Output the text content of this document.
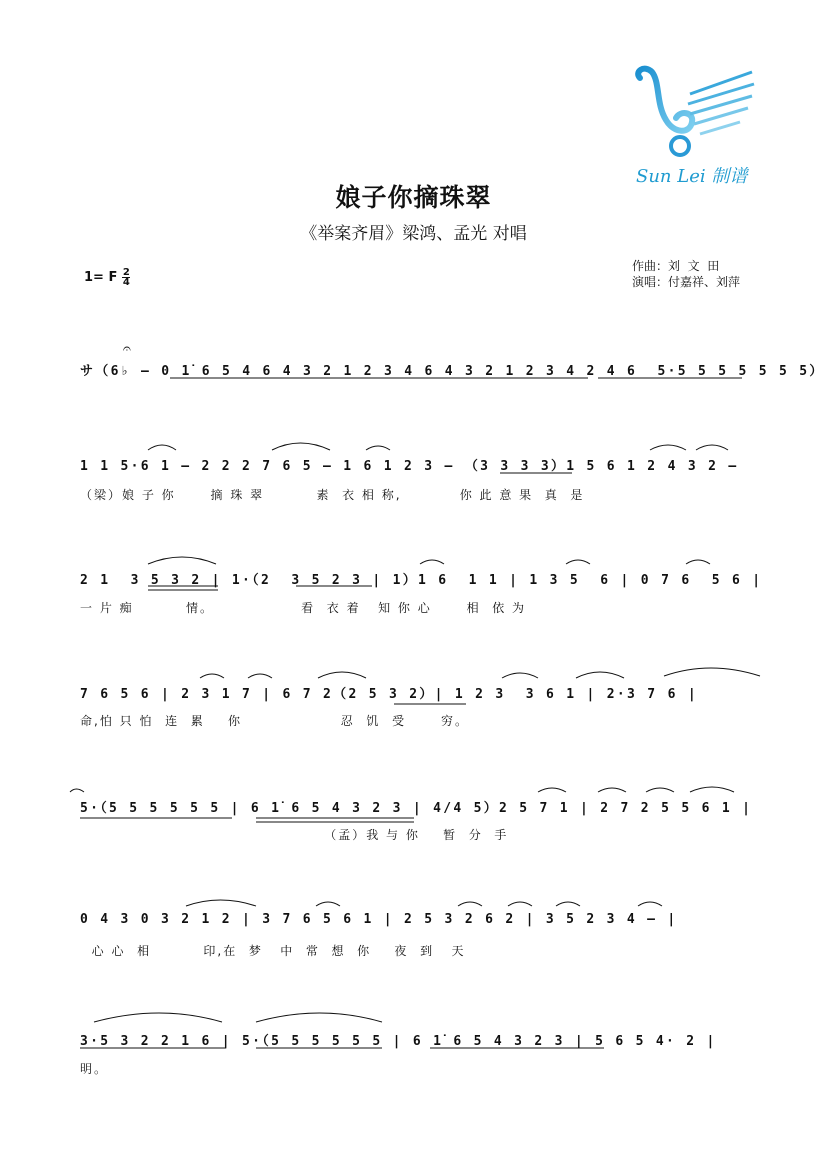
Sun Lei 制谱
娘子你摘珠翠
《举案齐眉》梁鸿、孟光 对唱
作曲：刘  文  田
演唱：付嘉祥、刘萍
1= F $\frac{2}{4}$
𝄐
サ（6♭ — 0 1̇ 6 5 4 6 4 3 2 1 2 3 4 6 4 3 2 1 2 3 4 2 4 6  5·5 5 5 5 5 5 5）
1 1 5·6 1 — 2 2 2 7 6 5 — 1 6 1 2 3 — （3 3 3 3）1 5 6 1 2 4 3 2 —
（梁）娘 子 你      摘 珠 翠         素  衣 相 称,          你 此 意 果  真  是
2 1  3 5 3 2 | 1·（2  3 5 2 3 | 1）1 6  1 1 | 1 3 5  6 | 0 7 6  5 6 |
一 片 痴         情。               看  衣 着   知 你 心      相  依 为
7 6 5 6 | 2 3 1 7 | 6 7 2（2 5 3 2）| 1 2 3  3 6 1 | 2·3 7 6 |
命,怕 只 怕  连  累    你                 忍  饥  受      穷。
5·（5 5 5 5 5 5 | 6 1̇ 6 5 4 3 2 3 | 4/4 5）2 5 7 1 | 2 7 2 5 5 6 1 |
（孟）我 与 你    暂  分  手
0 4 3 0 3 2 1 2 | 3 7 6 5 6 1 | 2 5 3 2 6 2 | 3 5 2 3 4 — |
心 心  相         印,在  梦   中  常  想  你    夜  到   天
3·5 3 2 2 1 6 | 5·（5 5 5 5 5 5 | 6 1̇ 6 5 4 3 2 3 | 5 6 5 4· 2 |
明。
